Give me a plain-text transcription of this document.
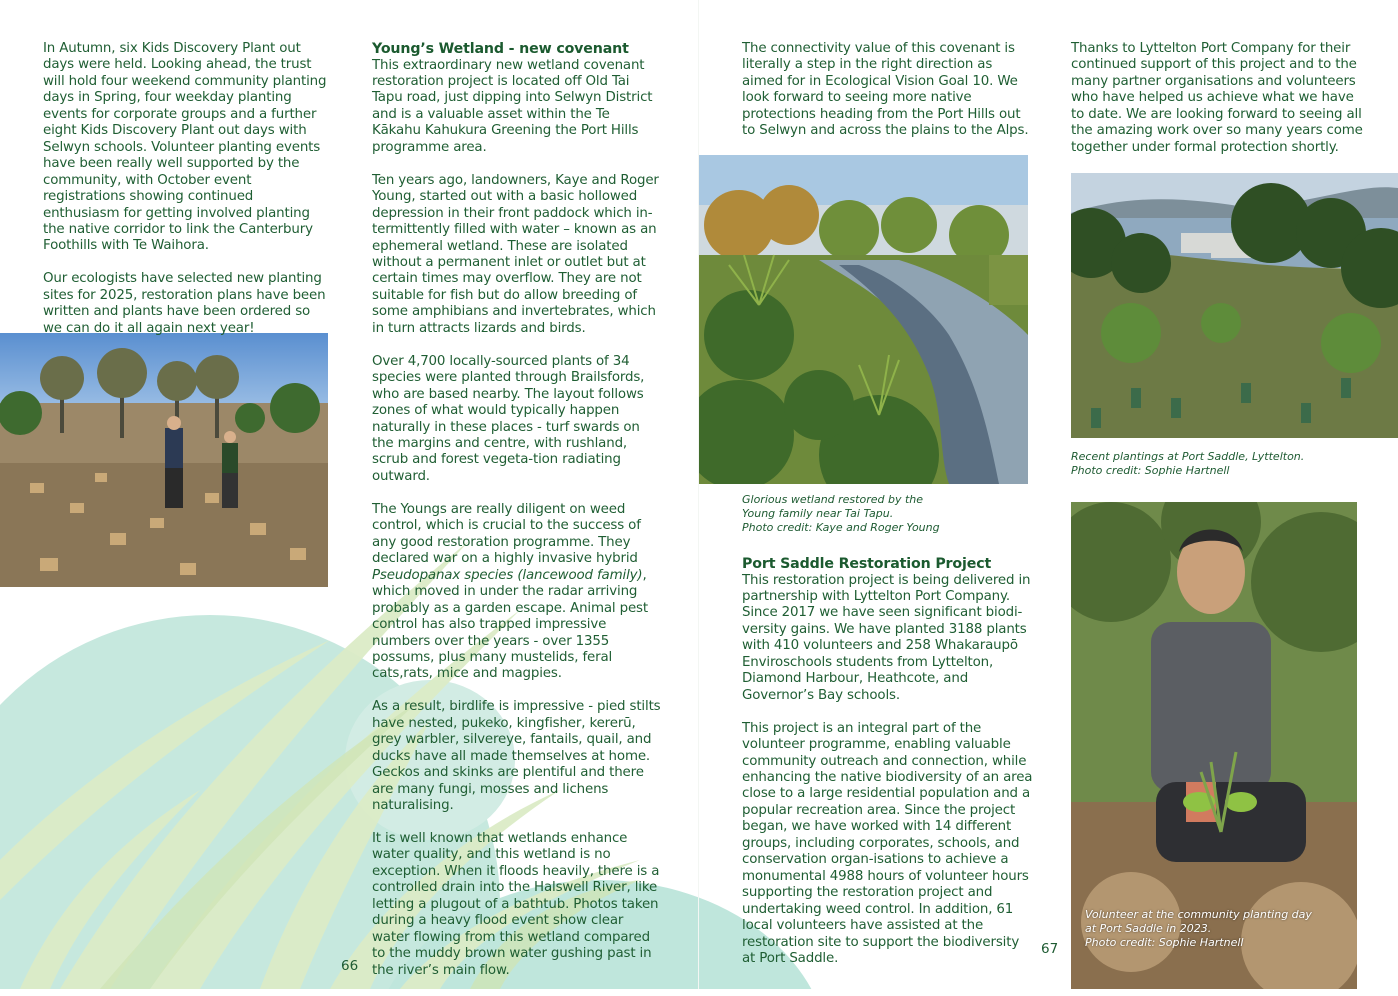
In Autumn, six Kids Discovery Plant out days were held. Looking ahead, the trust will hold four weekend community planting days in Spring, four weekday planting events for corporate groups and a further eight Kids Discovery Plant out days with Selwyn schools. Volunteer planting events have been really well supported by the community, with October event registrations showing continued enthusiasm for getting involved planting the native corridor to link the Canterbury Foothills with Te Waihora.

Our ecologists have selected new planting sites for 2025, restoration plans have been written and plants have been ordered so we can do it all again next year!

66
Young’s Wetland - new covenant

This extraordinary new wetland covenant restoration project is located off Old Tai Tapu road, just dipping into Selwyn District and is a valuable asset within the Te Kākahu Kahukura Greening the Port Hills programme area.

Ten years ago, landowners, Kaye and Roger Young, started out with a basic hollowed depression in their front paddock which in-termittently filled with water – known as an ephemeral wetland. These are isolated without a permanent inlet or outlet but at certain times may overflow. They are not suitable for fish but do allow breeding of some amphibians and invertebrates, which in turn attracts lizards and birds.

Over 4,700 locally-sourced plants of 34 species were planted through Brailsfords, who are based nearby. The layout follows zones of what would typically happen naturally in these places - turf swards on the margins and centre, with rushland, scrub and forest vegeta-tion radiating outward.

The Youngs are really diligent on weed control, which is crucial to the success of any good restoration programme. They declared war on a highly invasive hybrid Pseudopanax species (lancewood family), which moved in under the radar arriving probably as a garden escape. Animal pest control has also trapped impressive numbers over the years - over 1355 possums, plus many mustelids, feral cats,rats, mice and magpies.

As a result, birdlife is impressive - pied stilts have nested, pukeko, kingfisher, kererū, grey warbler, silvereye, fantails, quail, and ducks have all made themselves at home. Geckos and skinks are plentiful and there are many fungi, mosses and lichens naturalising.

It is well known that wetlands enhance water quality, and this wetland is no exception. When it floods heavily, there is a controlled drain into the Halswell River, like letting a plugout of a bathtub. Photos taken during a heavy flood event show clear water flowing from this wetland compared to the muddy brown water gushing past in the river’s main flow.

The connectivity value of this covenant is literally a step in the right direction as aimed for in Ecological Vision Goal 10. We look forward to seeing more native protections heading from the Port Hills out to Selwyn and across the plains to the Alps.

Glorious wetland restored by the
Young family near Tai Tapu.
Photo credit: Kaye and Roger Young
Port Saddle Restoration Project

This restoration project is being delivered in partnership with Lyttelton Port Company. Since 2017 we have seen significant biodi-versity gains. We have planted 3188 plants with 410 volunteers and 258 Whakaraupō Enviroschools students from Lyttelton, Diamond Harbour, Heathcote, and Governor’s Bay schools.

This project is an integral part of the volunteer programme, enabling valuable community outreach and connection, while enhancing the native biodiversity of an area close to a large residential population and a popular recreation area. Since the project began, we have worked with 14 different groups, including corporates, schools, and conservation organ-isations to achieve a monumental 4988 hours of volunteer hours supporting the restoration project and undertaking weed control. In addition, 61 local volunteers have assisted at the restoration site to support the biodiversity at Port Saddle.

67

Thanks to Lyttelton Port Company for their continued support of this project and to the many partner organisations and volunteers who have helped us achieve what we have to date. We are looking forward to seeing all the amazing work over so many years come together under formal protection shortly.

Recent plantings at Port Saddle, Lyttelton.
Photo credit: Sophie Hartnell
Volunteer at the community planting day
at Port Saddle in 2023.
Photo credit: Sophie Hartnell
